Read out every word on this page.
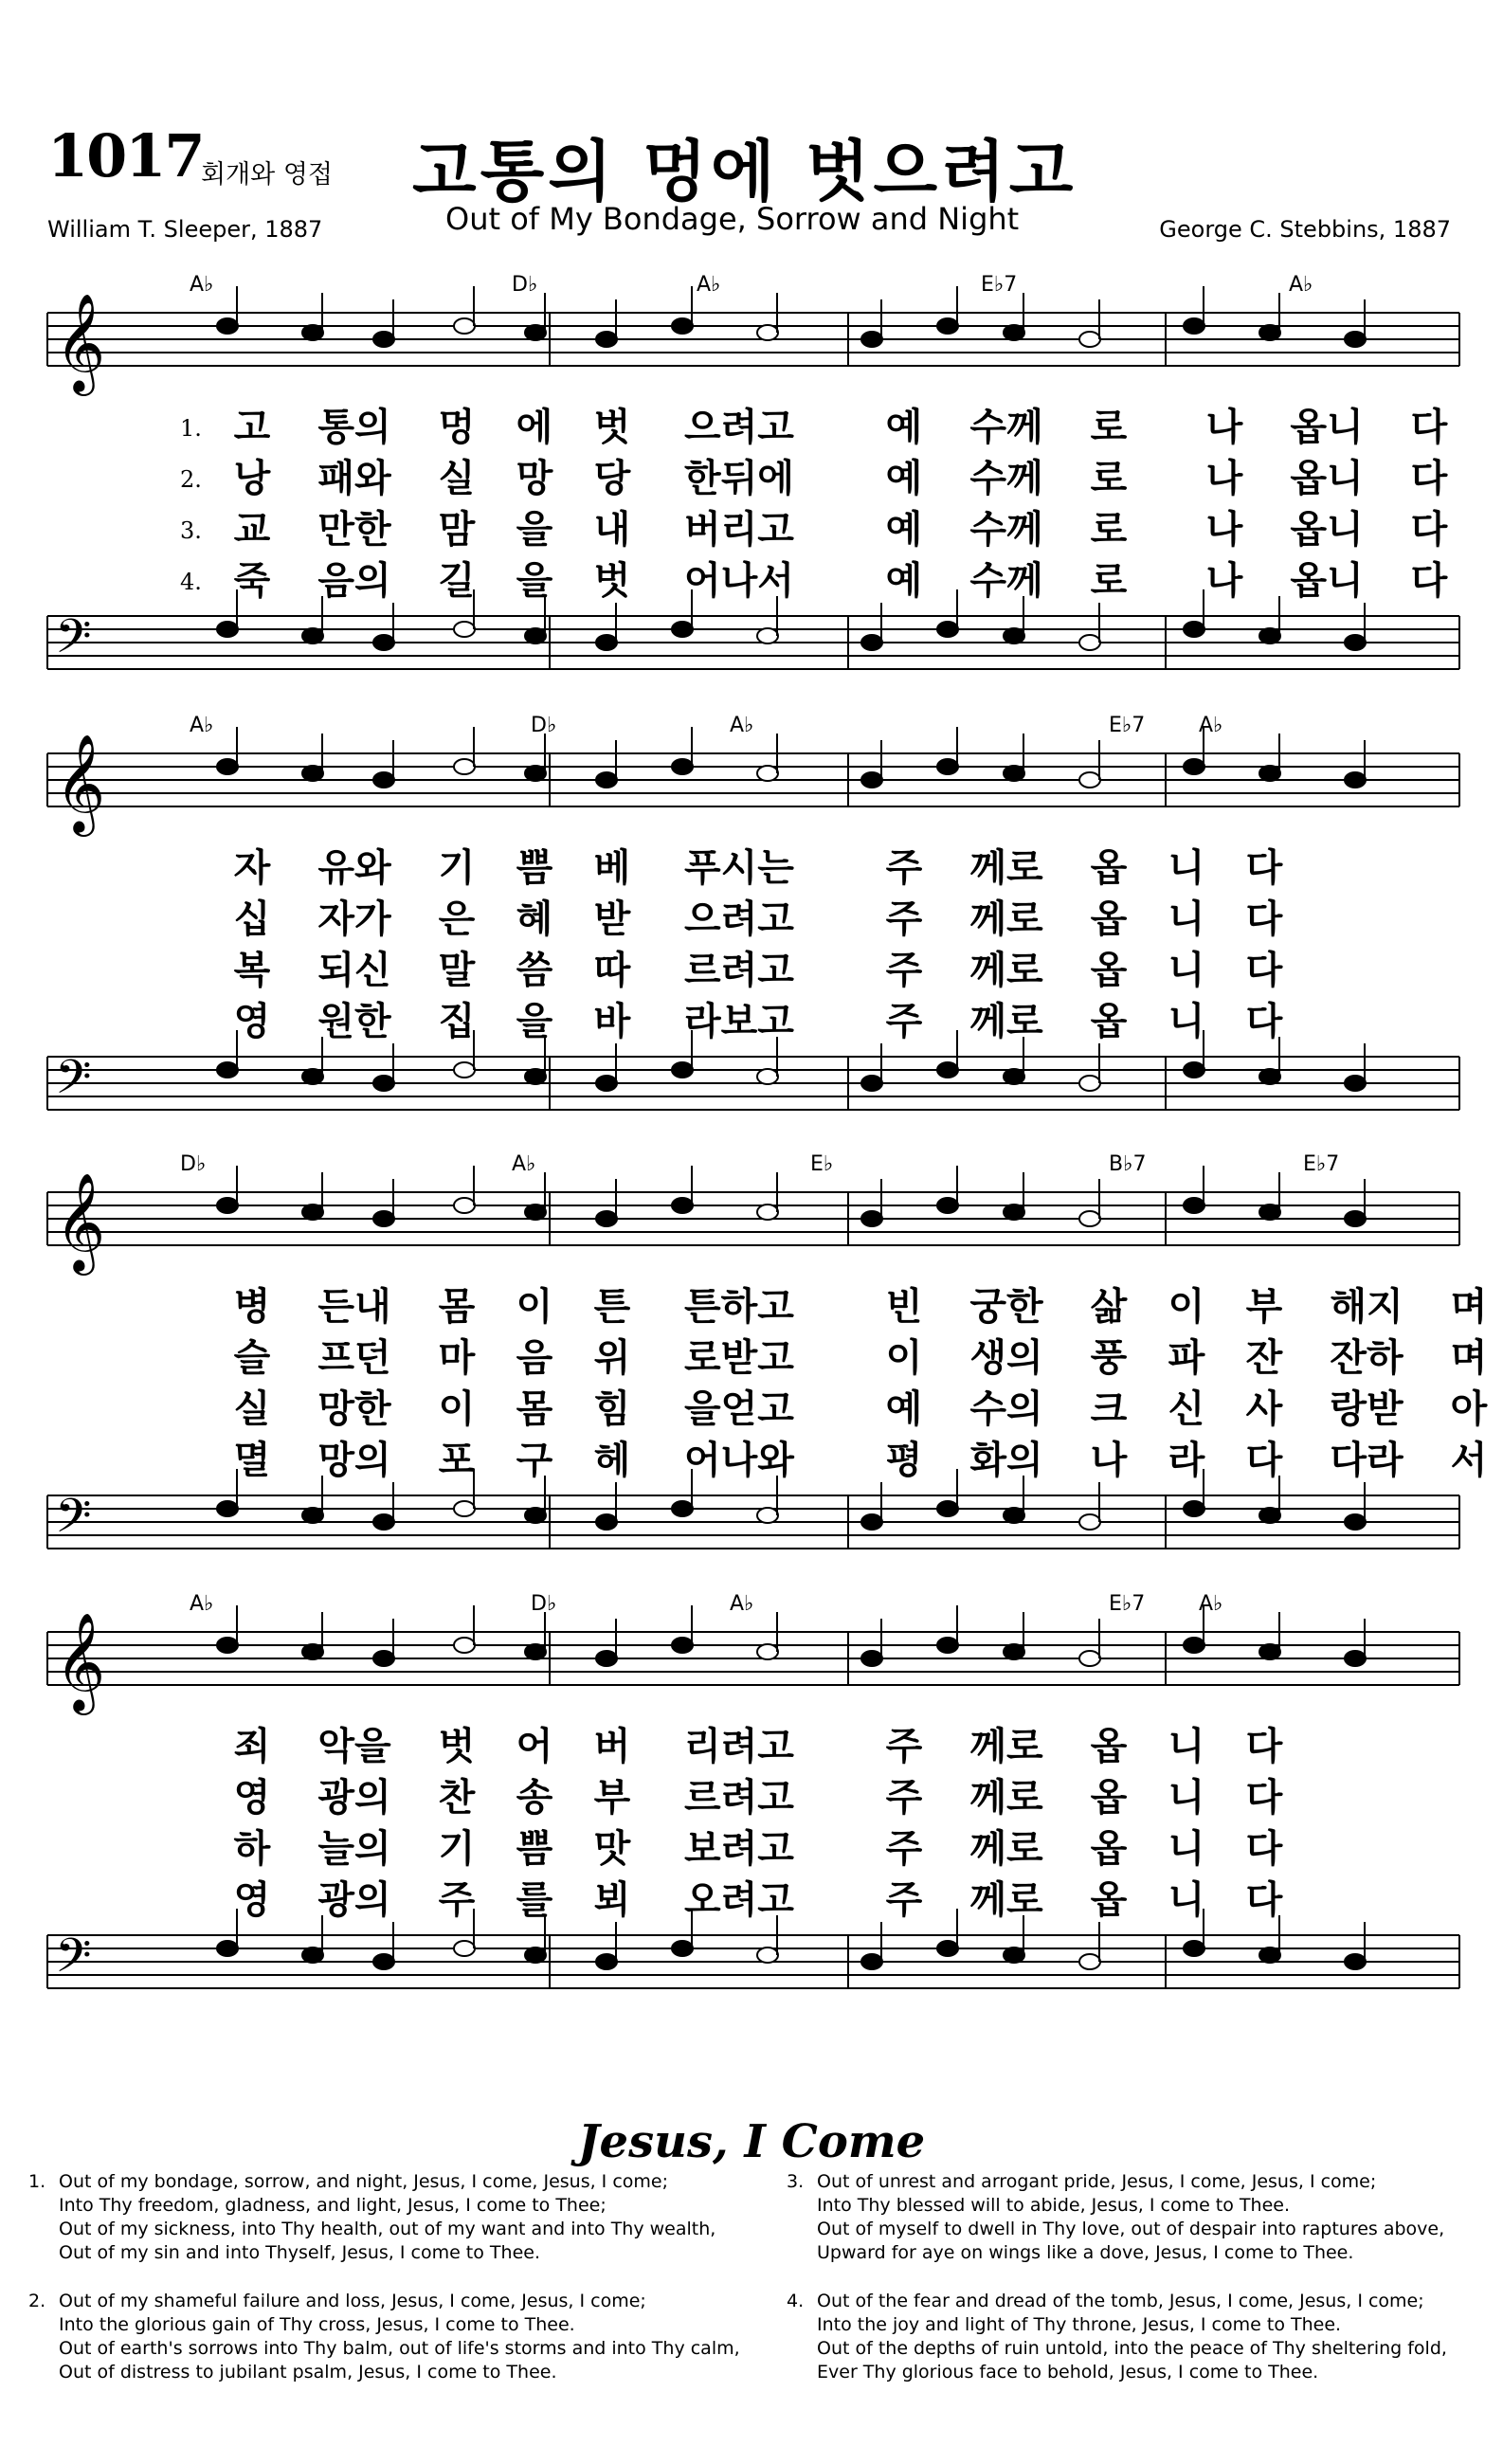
1017
회개와 영접 고통의 멍에 벗으려고
Out of My Bondage, Sorrow and Night
William T. Sleeper, 1887	George C. Stebbins, 1887
𝄞
𝄢
A♭	D♭	A♭	E♭7	A♭
1.
2.
3.
4.
고	통의	멍 에 벗	으려고	예	수께	로 나	옵니	다
낭	패와	실 망 당	한뒤에	예	수께	로 나	옵니	다
교	만한	맘 을 내	버리고	예	수께	로 나	옵니	다
죽	음의	길 을 벗	어나서	예	수께	로 나	옵니	다
𝄞
𝄢
A♭	D♭	A♭	E♭7	A♭
자	유와	기 쁨 베	푸시는	주	께로	옵 니 다
십	자가	은 혜 받	으려고	주	께로	옵 니 다
복	되신	말 씀 따	르려고	주	께로	옵 니 다
영	원한	집 을 바	라보고	주	께로	옵 니 다
𝄞
𝄢
D♭	A♭	E♭	B♭7	E♭7
병	든내	몸 이 튼	튼하고	빈	궁한	삶 이 부	해지	며
슬	프던	마 음 위	로받고	이	생의	풍 파 잔	잔하	며
실	망한	이 몸 힘	을얻고	예	수의	크 신 사	랑받	아
멸	망의	포 구 헤	어나와	평	화의	나 라 다	다라	서
𝄞
𝄢
A♭	D♭	A♭	E♭7	A♭
죄	악을	벗 어 버	리려고	주	께로	옵 니 다
영	광의	찬 송 부	르려고	주	께로	옵 니 다
하	늘의	기 쁨 맛	보려고	주	께로	옵 니 다
영	광의	주 를 뵈	오려고	주	께로	옵 니 다
Jesus, I Come
1. Out of my bondage, sorrow, and night, Jesus, I come, Jesus, I come;
Into Thy freedom, gladness, and light, Jesus, I come to Thee;
Out of my sickness, into Thy health, out of my want and into Thy wealth,
Out of my sin and into Thyself, Jesus, I come to Thee.
2. Out of my shameful failure and loss, Jesus, I come, Jesus, I come;
Into the glorious gain of Thy cross, Jesus, I come to Thee.
Out of earth's sorrows into Thy balm, out of life's storms and into Thy calm,
Out of distress to jubilant psalm, Jesus, I come to Thee.
3. Out of unrest and arrogant pride, Jesus, I come, Jesus, I come;
Into Thy blessed will to abide, Jesus, I come to Thee.
Out of myself to dwell in Thy love, out of despair into raptures above,
Upward for aye on wings like a dove, Jesus, I come to Thee.
4. Out of the fear and dread of the tomb, Jesus, I come, Jesus, I come;
Into the joy and light of Thy throne, Jesus, I come to Thee.
Out of the depths of ruin untold, into the peace of Thy sheltering fold,
Ever Thy glorious face to behold, Jesus, I come to Thee.
